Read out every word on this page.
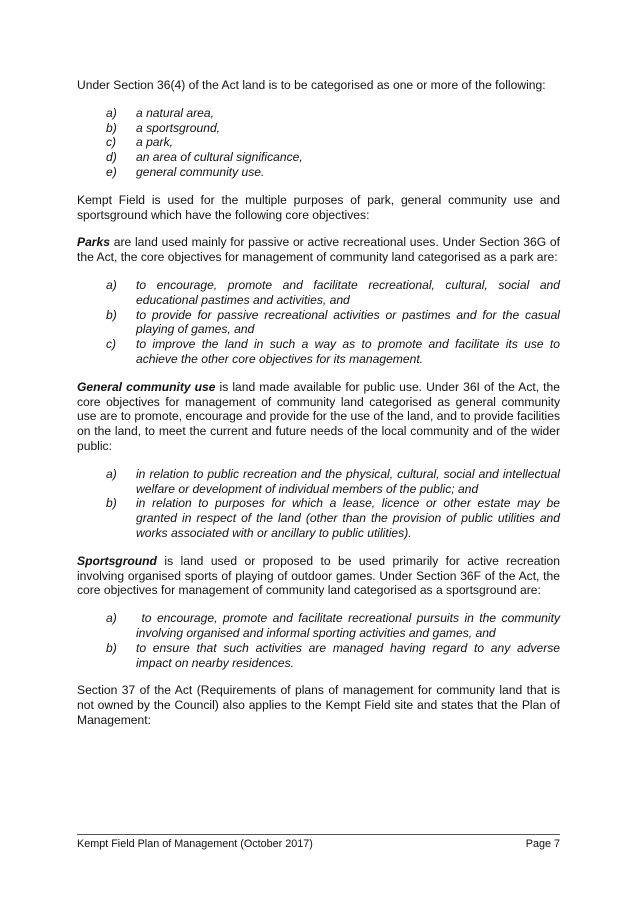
Under Section 36(4) of the Act land is to be categorised as one or more of the following:

a)	a natural area,
b)	a sportsground,
c)	a park,
d)	an area of cultural significance,
e)	general community use.

Kempt Field is used for the multiple purposes of park, general community use and sportsground which have the following core objectives:

Parks are land used mainly for passive or active recreational uses. Under Section 36G of the Act, the core objectives for management of community land categorised as a park are:

a)	to encourage, promote and facilitate recreational, cultural, social and educational pastimes and activities, and
b)	to provide for passive recreational activities or pastimes and for the casual playing of games, and
c)	to improve the land in such a way as to promote and facilitate its use to achieve the other core objectives for its management.

General community use is land made available for public use. Under 36I of the Act, the core objectives for management of community land categorised as general community use are to promote, encourage and provide for the use of the land, and to provide facilities on the land, to meet the current and future needs of the local community and of the wider public:

a)	in relation to public recreation and the physical, cultural, social and intellectual welfare or development of individual members of the public; and
b)	in relation to purposes for which a lease, licence or other estate may be granted in respect of the land (other than the provision of public utilities and works associated with or ancillary to public utilities).

Sportsground is land used or proposed to be used primarily for active recreation involving organised sports of playing of outdoor games. Under Section 36F of the Act, the core objectives for management of community land categorised as a sportsground are:

a)	to encourage, promote and facilitate recreational pursuits in the community involving organised and informal sporting activities and games, and
b)	to ensure that such activities are managed having regard to any adverse impact on nearby residences.

Section 37 of the Act (Requirements of plans of management for community land that is not owned by the Council) also applies to the Kempt Field site and states that the Plan of Management:

Kempt Field Plan of Management (October 2017)	Page 7
